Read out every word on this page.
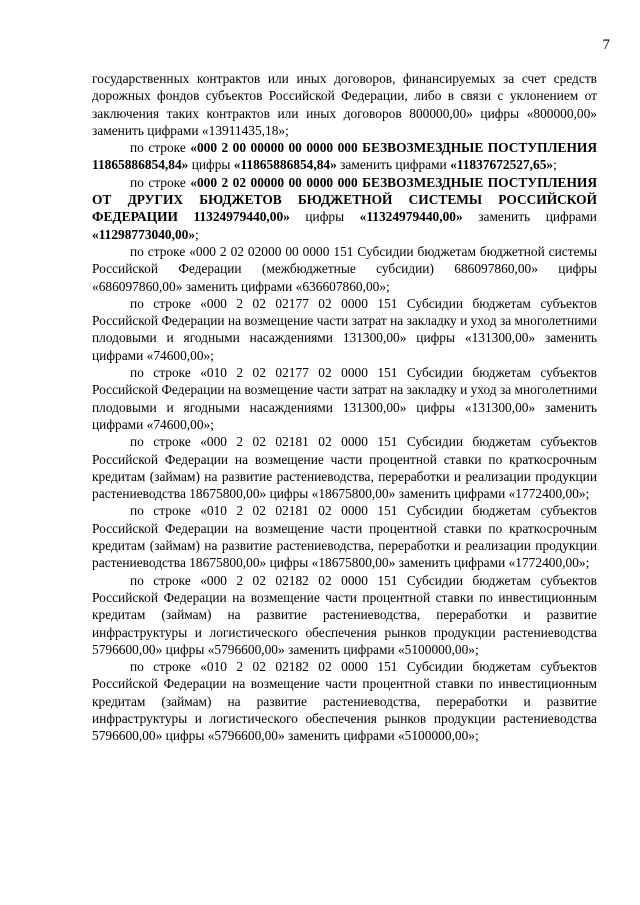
7

государственных контрактов или иных договоров, финансируемых за счет средств дорожных фондов субъектов Российской Федерации, либо в связи с уклонением от заключения таких контрактов или иных договоров 800000,00» цифры «800000,00» заменить цифрами «13911435,18»;

по строке «000 2 00 00000 00 0000 000 БЕЗВОЗМЕЗДНЫЕ ПОСТУПЛЕНИЯ 11865886854,84» цифры «11865886854,84» заменить цифрами «11837672527,65»;

по строке «000 2 02 00000 00 0000 000 БЕЗВОЗМЕЗДНЫЕ ПОСТУПЛЕНИЯ ОТ ДРУГИХ БЮДЖЕТОВ БЮДЖЕТНОЙ СИСТЕМЫ РОССИЙСКОЙ ФЕДЕРАЦИИ 11324979440,00» цифры «11324979440,00» заменить цифрами «11298773040,00»;

по строке «000 2 02 02000 00 0000 151 Субсидии бюджетам бюджетной системы Российской Федерации (межбюджетные субсидии) 686097860,00» цифры «686097860,00» заменить цифрами «636607860,00»;

по строке «000 2 02 02177 02 0000 151 Субсидии бюджетам субъектов Российской Федерации на возмещение части затрат на закладку и уход за многолетними плодовыми и ягодными насаждениями 131300,00» цифры «131300,00» заменить цифрами «74600,00»;

по строке «010 2 02 02177 02 0000 151 Субсидии бюджетам субъектов Российской Федерации на возмещение части затрат на закладку и уход за многолетними плодовыми и ягодными насаждениями 131300,00» цифры «131300,00» заменить цифрами «74600,00»;

по строке «000 2 02 02181 02 0000 151 Субсидии бюджетам субъектов Российской Федерации на возмещение части процентной ставки по краткосрочным кредитам (займам) на развитие растениеводства, переработки и реализации продукции растениеводства 18675800,00» цифры «18675800,00» заменить цифрами «1772400,00»;

по строке «010 2 02 02181 02 0000 151 Субсидии бюджетам субъектов Российской Федерации на возмещение части процентной ставки по краткосрочным кредитам (займам) на развитие растениеводства, переработки и реализации продукции растениеводства 18675800,00» цифры «18675800,00» заменить цифрами «1772400,00»;

по строке «000 2 02 02182 02 0000 151 Субсидии бюджетам субъектов Российской Федерации на возмещение части процентной ставки по инвестиционным кредитам (займам) на развитие растениеводства, переработки и развитие инфраструктуры и логистического обеспечения рынков продукции растениеводства 5796600,00» цифры «5796600,00» заменить цифрами «5100000,00»;

по строке «010 2 02 02182 02 0000 151 Субсидии бюджетам субъектов Российской Федерации на возмещение части процентной ставки по инвестиционным кредитам (займам) на развитие растениеводства, переработки и развитие инфраструктуры и логистического обеспечения рынков продукции растениеводства 5796600,00» цифры «5796600,00» заменить цифрами «5100000,00»;
